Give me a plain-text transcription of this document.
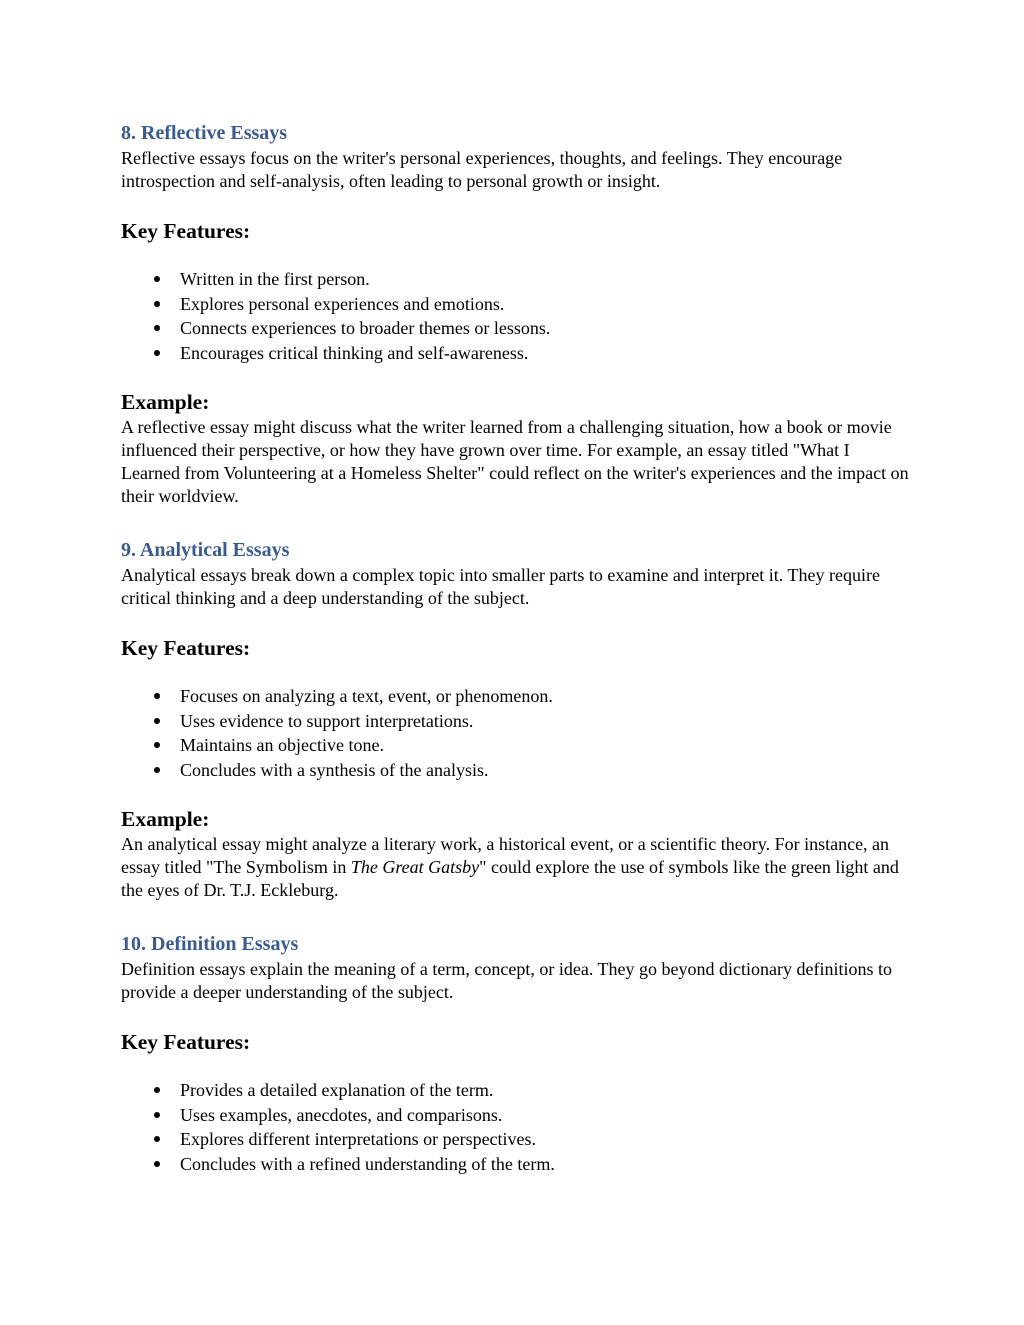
8. Reflective Essays

Reflective essays focus on the writer's personal experiences, thoughts, and feelings. They encourage introspection and self-analysis, often leading to personal growth or insight.

Key Features:
Written in the first person.
Explores personal experiences and emotions.
Connects experiences to broader themes or lessons.
Encourages critical thinking and self-awareness.
Example:

A reflective essay might discuss what the writer learned from a challenging situation, how a book or movie influenced their perspective, or how they have grown over time. For example, an essay titled "What I Learned from Volunteering at a Homeless Shelter" could reflect on the writer's experiences and the impact on their worldview.

9. Analytical Essays

Analytical essays break down a complex topic into smaller parts to examine and interpret it. They require critical thinking and a deep understanding of the subject.

Key Features:
Focuses on analyzing a text, event, or phenomenon.
Uses evidence to support interpretations.
Maintains an objective tone.
Concludes with a synthesis of the analysis.
Example:

An analytical essay might analyze a literary work, a historical event, or a scientific theory. For instance, an essay titled "The Symbolism in The Great Gatsby" could explore the use of symbols like the green light and the eyes of Dr. T.J. Eckleburg.

10. Definition Essays

Definition essays explain the meaning of a term, concept, or idea. They go beyond dictionary definitions to provide a deeper understanding of the subject.

Key Features:
Provides a detailed explanation of the term.
Uses examples, anecdotes, and comparisons.
Explores different interpretations or perspectives.
Concludes with a refined understanding of the term.
